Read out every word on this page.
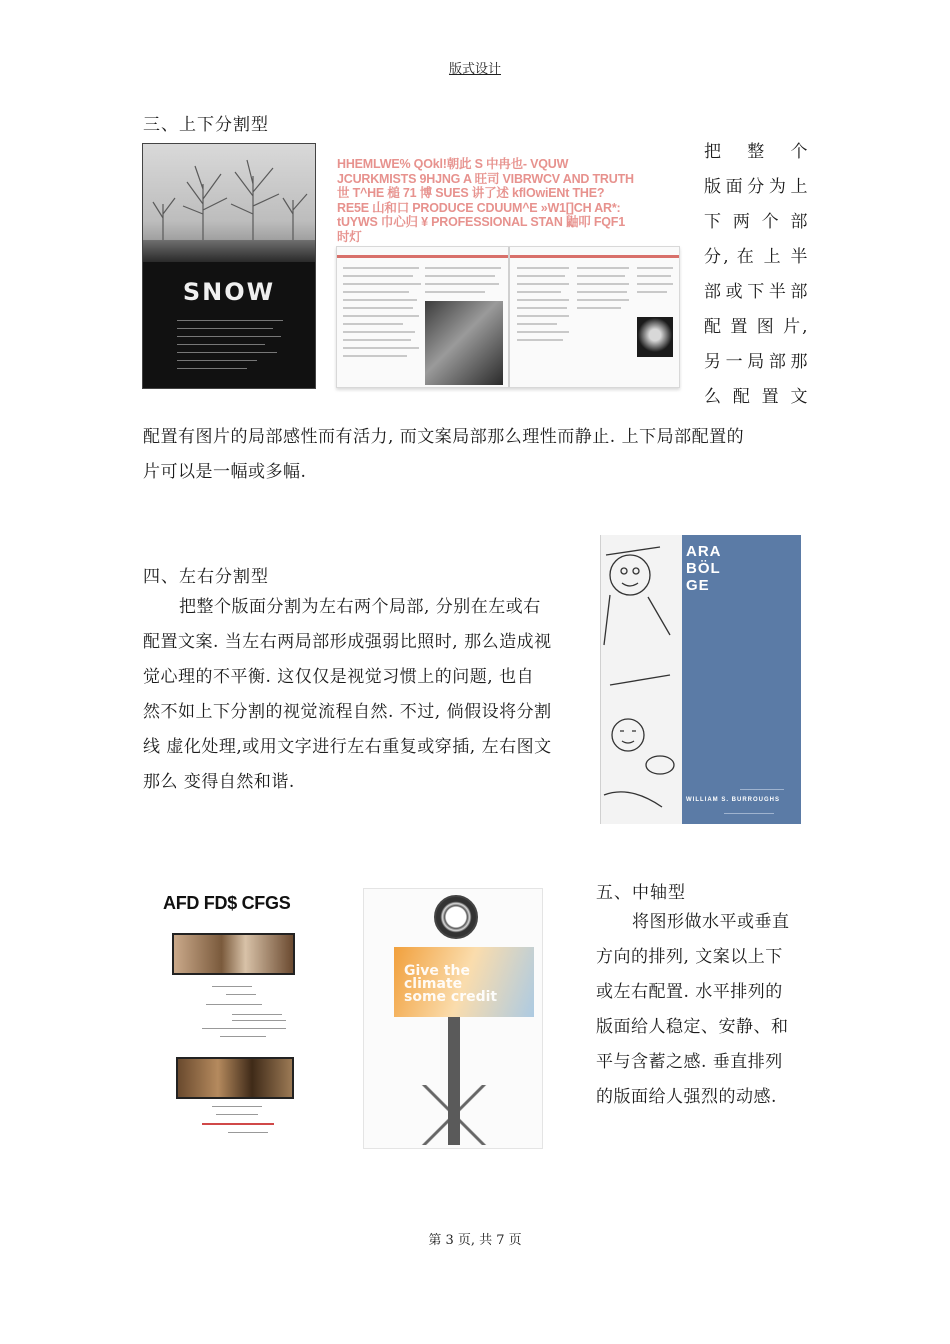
版式设计
三、上下分割型
SNOW
HHEMLWE% QOkl!朝此 S 中冉也- VQUW
JCURKMISTS 9HJNG A 旺司 VIBRWCV AND TRUTH
世 T^HE 槌 71 博 SUES 讲了述 kflOwiENt THE?
RE5E 山和口 PRODUCE CDUUM^E »W1[]CH AR*:
tUYWS 巾心归 ¥ PROFESSIONAL STAN 鼬叩 FQF1
时灯
把 整 个
版面分为上
下 两 个 部
分, 在 上 半
部或下半部
配 置 图 片,
另一局部那
么 配 置 文
配置有图片的局部感性而有活力, 而文案局部那么理性而静止. 上下局部配置的
片可以是一幅或多幅.
四、左右分割型
把整个版面分割为左右两个局部, 分别在左或右
配置文案. 当左右两局部形成强弱比照时, 那么造成视
觉心理的不平衡. 这仅仅是视觉习惯上的问题, 也自
然不如上下分割的视觉流程自然. 不过, 倘假设将分割
线 虚化处理,或用文字进行左右重复或穿插, 左右图文
那么 变得自然和谐.
ARA
BÖL
GE
WILLIAM S. BURROUGHS
AFD FD$ CFGS
Give the
climate
some credit
五、中轴型
将图形做水平或垂直
方向的排列, 文案以上下
或左右配置. 水平排列的
版面给人稳定、安静、和
平与含蓄之感. 垂直排列
的版面给人强烈的动感.
第 3 页, 共 7 页
